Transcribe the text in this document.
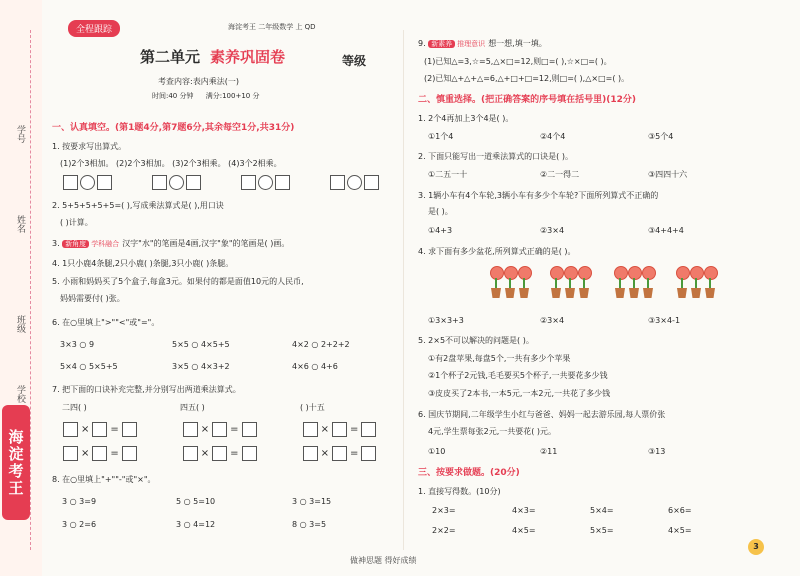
学号
姓名
班级
学校
海淀考王
全程跟踪	海淀考王 二年级数学 上 QD
第二单元 素养巩固卷	等级
考查内容:表内乘法(一)
时间:40 分钟 满分:100+10 分
一、认真填空。(第1题4分,第7题6分,其余每空1分,共31分)
1. 按要求写出算式。
(1)2个3相加。 (2)2个3相加。 (3)2个3相乘。 (4)3个2相乘。
2. 5+5+5+5+5=( ),写成乘法算式是( ),用口诀
( )计算。
3. 新角度 学科融合 汉字"水"的笔画是4画,汉字"象"的笔画是( )画。
4. 1只小鹿4条腿,2只小鹿( )条腿,3只小鹿( )条腿。
5. 小雨和妈妈买了5个盒子,每盒3元。如果付的都是面值10元的人民币,
妈妈需要付( )张。
6. 在○里填上">""<"或"="。
3×3 ○ 9	5×5 ○ 4×5+5	4×2 ○ 2+2+2
5×4 ○ 5×5+5	3×5 ○ 4×3+2	4×6 ○ 4+6
7. 把下面的口诀补充完整,并分别写出两道乘法算式。
二四( )	四五( )	( )十五
× =	× =	× =
× =	× =	× =
8. 在○里填上"+""-"或"×"。
3 ○ 3=9	5 ○ 5=10	3 ○ 3=15
3 ○ 2=6	3 ○ 4=12	8 ○ 3=5
9. 新素养 推理意识 想一想,填一填。
(1)已知△=3,☆=5,△×□=12,则□=( ),☆×□=( )。
(2)已知△+△+△=6,△+□+□=12,则□=( ),△×□=( )。
二、慎重选择。(把正确答案的序号填在括号里)(12分)
1. 2个4再加上3个4是( )。
①1个4	②4个4	③5个4
2. 下面只能写出一道乘法算式的口诀是( )。
①二五一十	②二一得二	③四四十六
3. 1辆小车有4个车轮,3辆小车有多少个车轮?下面所列算式不正确的
是( )。
①4+3	②3×4	③4+4+4
4. 求下面有多少盆花,所列算式正确的是( )。
①3×3+3	②3×4	③3×4-1
5. 2×5不可以解决的问题是( )。
①有2盘苹果,每盘5个,一共有多少个苹果
②1个杯子2元钱,毛毛要买5个杯子,一共要花多少钱
③皮皮买了2本书,一本5元,一本2元,一共花了多少钱
6. 国庆节期间,二年级学生小红与爸爸、妈妈一起去游乐园,每人票价张
4元,学生票每张2元,一共要花( )元。
①10	②11	③13
三、按要求做题。(20分)
1. 直接写得数。(10分)
2×3=	4×3=	5×4=	6×6=
2×2=	4×5=	5×5=	4×5=
做神思题 得好成绩
3
